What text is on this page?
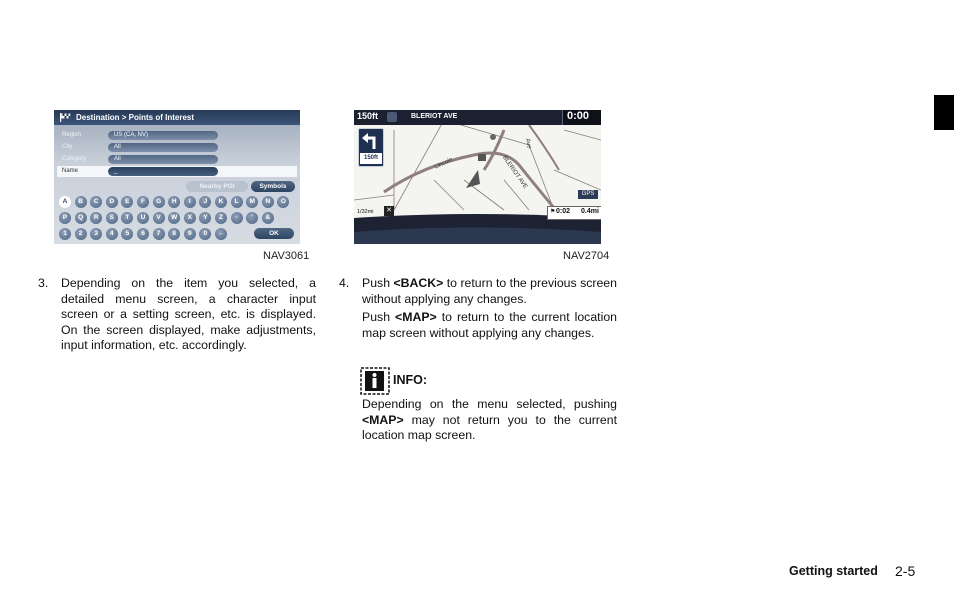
Destination > Points of Interest
Region	US (CA, NV)
City	All
Category	All
Name	_
Nearby POI	Symbols
A	B	C	D	E	F	G	H	I	J	K	L	M	N	O
P	Q	R	S	T	U	V	W	X	Y	Z	-	'	&
1	2	3	4	5	6	7	8	9	0	←	OK
NAV3061
150ft	BLERIOT AVE	0:00
150ft	BLERIOT AVE
Ave
Lincoln
GPS
1/32mi ✕	⚑ 0:02 0.4mi
NAV2704
3. Depending on the item you selected, a detailed menu screen, a character input screen or a setting screen, etc. is displayed. On the screen displayed, make adjustments, input information, etc. accordingly.
4. Push <BACK> to return to the previous screen without applying any changes.
Push <MAP> to return to the current location map screen without applying any changes.
INFO:
Depending on the menu selected, pushing <MAP> may not return you to the current location map screen.
Getting started 2-5
